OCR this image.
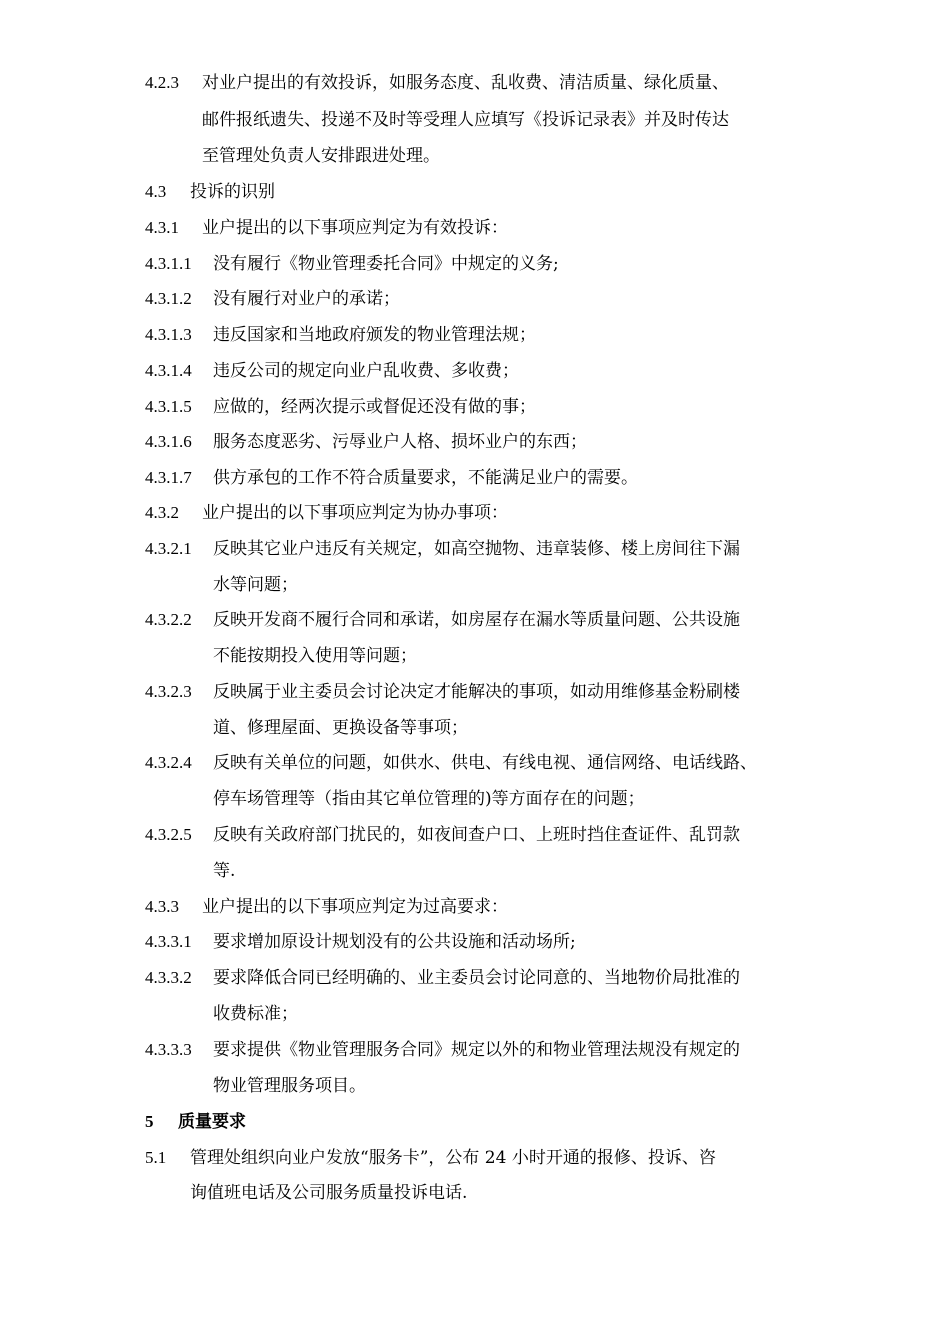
4.2.3 对业户提出的有效投诉，如服务态度、乱收费、清洁质量、绿化质量、
邮件报纸遗失、投递不及时等受理人应填写《投诉记录表》并及时传达
至管理处负责人安排跟进处理。
4.3 投诉的识别
4.3.1 业户提出的以下事项应判定为有效投诉：
4.3.1.1 没有履行《物业管理委托合同》中规定的义务;
4.3.1.2 没有履行对业户的承诺；
4.3.1.3 违反国家和当地政府颁发的物业管理法规；
4.3.1.4 违反公司的规定向业户乱收费、多收费；
4.3.1.5 应做的，经两次提示或督促还没有做的事；
4.3.1.6 服务态度恶劣、污辱业户人格、损坏业户的东西；
4.3.1.7 供方承包的工作不符合质量要求，不能满足业户的需要。
4.3.2 业户提出的以下事项应判定为协办事项：
4.3.2.1 反映其它业户违反有关规定，如高空抛物、违章装修、楼上房间往下漏
水等问题；
4.3.2.2 反映开发商不履行合同和承诺，如房屋存在漏水等质量问题、公共设施
不能按期投入使用等问题；
4.3.2.3 反映属于业主委员会讨论决定才能解决的事项，如动用维修基金粉刷楼
道、修理屋面、更换设备等事项；
4.3.2.4 反映有关单位的问题，如供水、供电、有线电视、通信网络、电话线路、
停车场管理等（指由其它单位管理的)等方面存在的问题；
4.3.2.5 反映有关政府部门扰民的，如夜间查户口、上班时挡住查证件、乱罚款
等.
4.3.3 业户提出的以下事项应判定为过高要求：
4.3.3.1 要求增加原设计规划没有的公共设施和活动场所;
4.3.3.2 要求降低合同已经明确的、业主委员会讨论同意的、当地物价局批准的
收费标准；
4.3.3.3 要求提供《物业管理服务合同》规定以外的和物业管理法规没有规定的
物业管理服务项目。
5 质量要求
5.1 管理处组织向业户发放“服务卡”，公布 24 小时开通的报修、投诉、咨
询值班电话及公司服务质量投诉电话.
